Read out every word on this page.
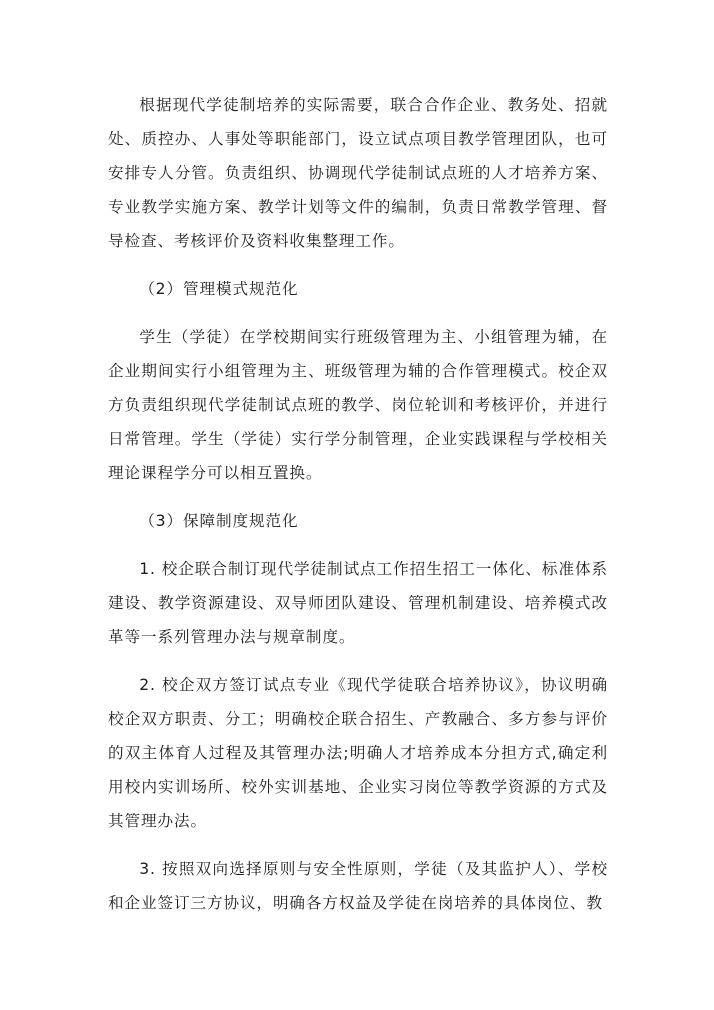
根据现代学徒制培养的实际需要，联合合作企业、教务处、招就处、质控办、人事处等职能部门，设立试点项目教学管理团队，也可安排专人分管。负责组织、协调现代学徒制试点班的人才培养方案、专业教学实施方案、教学计划等文件的编制，负责日常教学管理、督导检查、考核评价及资料收集整理工作。

（2）管理模式规范化

学生（学徒）在学校期间实行班级管理为主、小组管理为辅，在企业期间实行小组管理为主、班级管理为辅的合作管理模式。校企双方负责组织现代学徒制试点班的教学、岗位轮训和考核评价，并进行日常管理。学生（学徒）实行学分制管理，企业实践课程与学校相关理论课程学分可以相互置换。

（3）保障制度规范化

1. 校企联合制订现代学徒制试点工作招生招工一体化、标准体系建设、教学资源建设、双导师团队建设、管理机制建设、培养模式改革等一系列管理办法与规章制度。

2. 校企双方签订试点专业《现代学徒联合培养协议》，协议明确校企双方职责、分工；明确校企联合招生、产教融合、多方参与评价的双主体育人过程及其管理办法;明确人才培养成本分担方式,确定利用校内实训场所、校外实训基地、企业实习岗位等教学资源的方式及其管理办法。

3. 按照双向选择原则与安全性原则，学徒（及其监护人）、学校和企业签订三方协议，明确各方权益及学徒在岗培养的具体岗位、教
